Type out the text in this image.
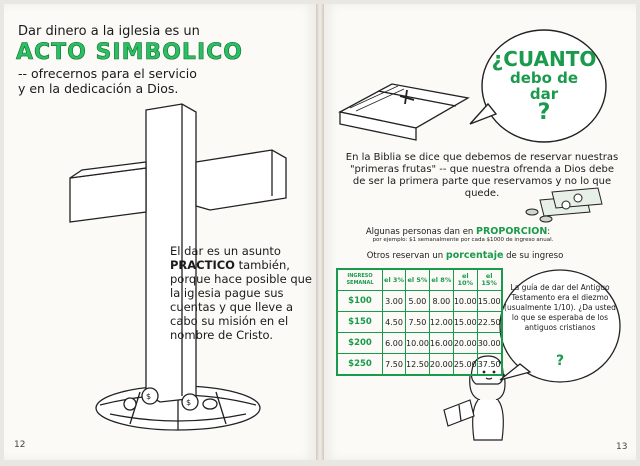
$
$
Dar dinero a la iglesia es un
ACTO SIMBOLICO
-- ofrecernos para el servicio
y en la dedicación a Dios.
El dar es un asunto PRACTICO también, porque hace posible que la iglesia pague sus cuentas y que lleve a cabo su misión en el nombre de Cristo.
12
¿CUANTO
debo de
dar
?
En la Biblia se dice que debemos de reservar nuestras "primeras frutas" -- que nuestra ofrenda a Dios debe de ser la primera parte que reservamos y no lo que quede.
Algunas personas dan en PROPORCION:
por ejemplo: $1 semanalmente por cada $1000 de ingreso anual.
Otros reservan un porcentaje de su ingreso
INGRESO SEMANAL	el 3%	el 5%	el 8%	el 10%	el 15%
$100	3.00	5.00	8.00	10.00	15.00
$150	4.50	7.50	12.00	15.00	22.50
$200	6.00	10.00	16.00	20.00	30.00
$250	7.50	12.50	20.00	25.00	37.50
La guía de dar del Antiguo Testamento era el diezmo (usualmente 1/10). ¿Da usted lo que se esperaba de los antiguos cristianos
?
13
